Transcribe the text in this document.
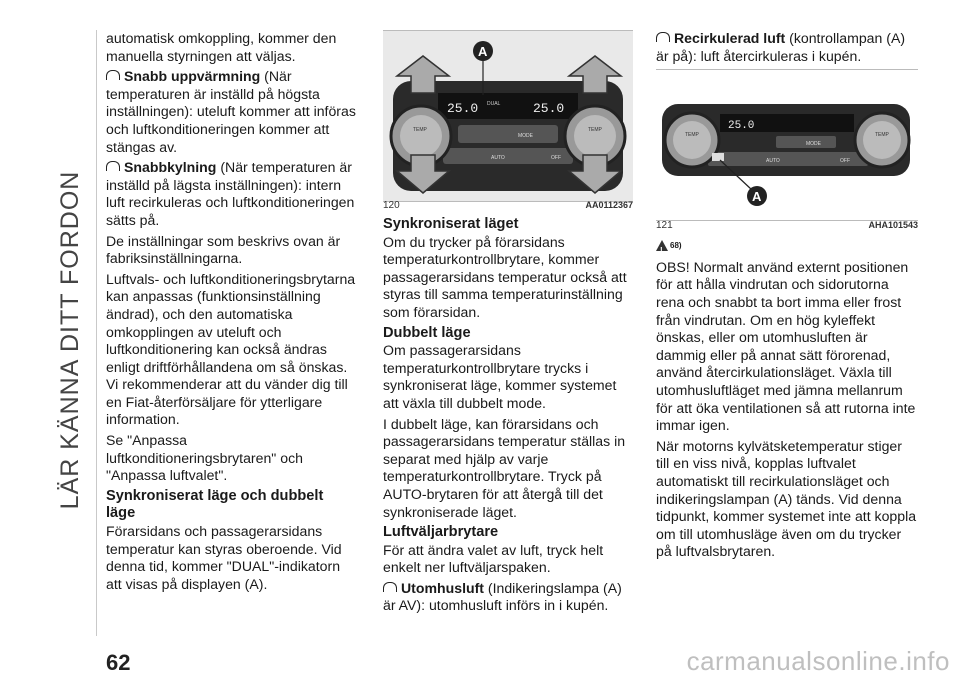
LÄR KÄNNA DITT FORDON

automatisk omkoppling, kommer den manuella styrningen att väljas.

Snabb uppvärmning (När temperaturen är inställd på högsta inställningen): uteluft kommer att införas och luftkonditioneringen kommer att stängas av.

Snabbkylning (När temperaturen är inställd på lägsta inställningen): intern luft recirkuleras och luftkonditioneringen sätts på.

De inställningar som beskrivs ovan är fabriksinställningarna.

Luftvals- och luftkonditioneringsbrytarna kan anpassas (funktionsinställning ändrad), och den automatiska omkopplingen av uteluft och luftkonditionering kan också ändras enligt driftförhållandena om så önskas. Vi rekommenderar att du vänder dig till en Fiat-återförsäljare för ytterligare information.

Se "Anpassa luftkonditioneringsbrytaren" och "Anpassa luftvalet".

Synkroniserat läge och dubbelt läge

Förarsidans och passagerarsidans temperatur kan styras oberoende. Vid denna tid, kommer "DUAL"-indikatorn att visas på displayen (A).

25.0 DUAL	25.0
MODE
AUTO	OFF
TEMP	TEMP
A
120	AA0112367
Synkroniserat läget

Om du trycker på förarsidans temperaturkontrollbrytare, kommer passagerarsidans temperatur också att styras till samma temperaturinställning som förarsidan.

Dubbelt läge

Om passagerarsidans temperaturkontrollbrytare trycks i synkroniserat läge, kommer systemet att växla till dubbelt mode.

I dubbelt läge, kan förarsidans och passagerarsidans temperatur ställas in separat med hjälp av varje temperaturkontrollbrytare. Tryck på AUTO-brytaren för att återgå till det synkroniserade läget.

Luftväljarbrytare

För att ändra valet av luft, tryck helt enkelt ner luftväljarspaken.

Utomhusluft (Indikeringslampa (A) är AV): utomhusluft införs in i kupén.

Recirkulerad luft (kontrollampan (A) är på): luft återcirkuleras i kupén.

25.0
MODE
AUTO	OFF
TEMP	TEMP
A
121	AHA101543
!
68)

OBS! Normalt använd externt positionen för att hålla vindrutan och sidorutorna rena och snabbt ta bort imma eller frost från vindrutan. Om en hög kyleffekt önskas, eller om utomhusluften är dammig eller på annat sätt förorenad, använd återcirkulationsläget. Växla till utomhusluftläget med jämna mellanrum för att öka ventilationen så att rutorna inte immar igen.

När motorns kylvätsketemperatur stiger till en viss nivå, kopplas luftvalet automatiskt till recirkulationsläget och indikeringslampan (A) tänds. Vid denna tidpunkt, kommer systemet inte att koppla om till utomhusläge även om du trycker på luftvalsbrytaren.

62	carmanualsonline.info
